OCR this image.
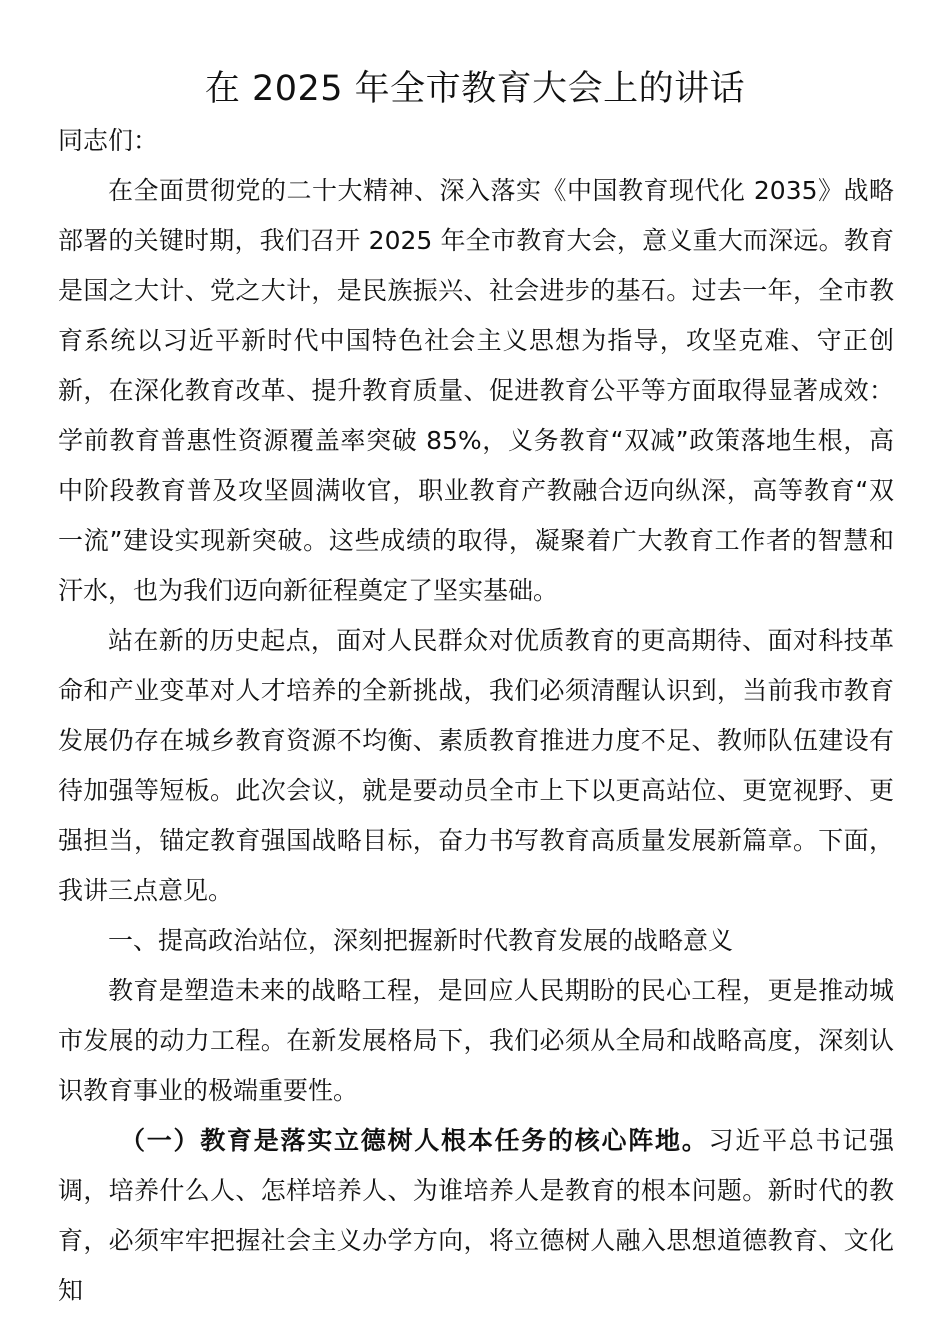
在 2025 年全市教育大会上的讲话

同志们：

在全面贯彻党的二十大精神、深入落实《中国教育现代化 2035》战略部署的关键时期，我们召开 2025 年全市教育大会，意义重大而深远。教育是国之大计、党之大计，是民族振兴、社会进步的基石。过去一年，全市教育系统以习近平新时代中国特色社会主义思想为指导，攻坚克难、守正创新，在深化教育改革、提升教育质量、促进教育公平等方面取得显著成效：学前教育普惠性资源覆盖率突破 85%，义务教育“双减”政策落地生根，高中阶段教育普及攻坚圆满收官，职业教育产教融合迈向纵深，高等教育“双一流”建设实现新突破。这些成绩的取得，凝聚着广大教育工作者的智慧和汗水，也为我们迈向新征程奠定了坚实基础。

站在新的历史起点，面对人民群众对优质教育的更高期待、面对科技革命和产业变革对人才培养的全新挑战，我们必须清醒认识到，当前我市教育发展仍存在城乡教育资源不均衡、素质教育推进力度不足、教师队伍建设有待加强等短板。此次会议，就是要动员全市上下以更高站位、更宽视野、更强担当，锚定教育强国战略目标，奋力书写教育高质量发展新篇章。下面，我讲三点意见。

一、提高政治站位，深刻把握新时代教育发展的战略意义

教育是塑造未来的战略工程，是回应人民期盼的民心工程，更是推动城市发展的动力工程。在新发展格局下，我们必须从全局和战略高度，深刻认识教育事业的极端重要性。

（一）教育是落实立德树人根本任务的核心阵地。习近平总书记强调，培养什么人、怎样培养人、为谁培养人是教育的根本问题。新时代的教育，必须牢牢把握社会主义办学方向，将立德树人融入思想道德教育、文化知
